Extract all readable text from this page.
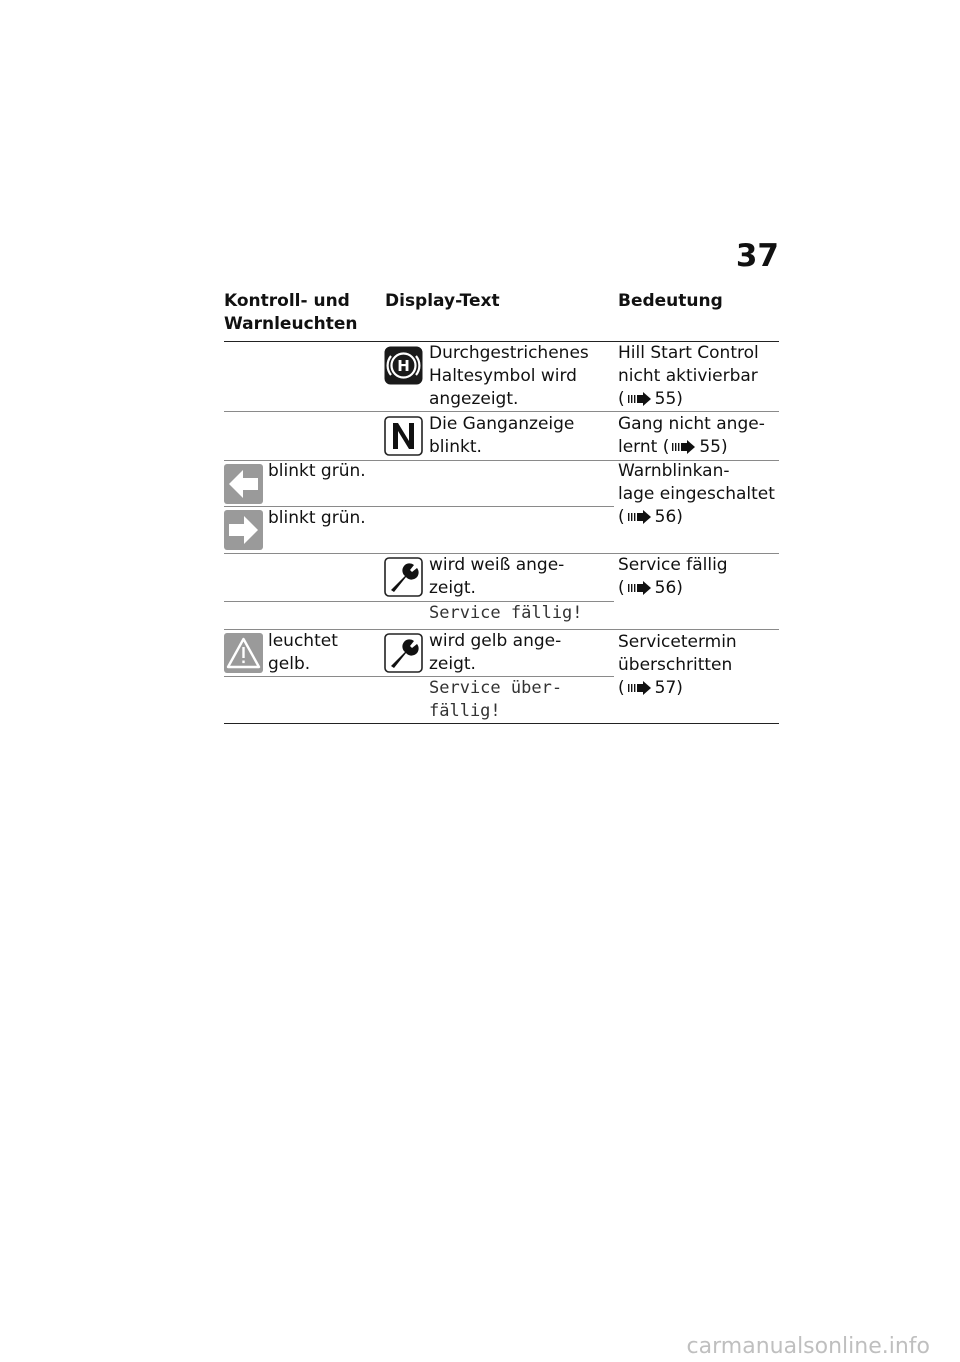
37
Kontroll- und
Warnleuchten
Display-Text	Bedeutung
H
Durchgestrichenes
Haltesymbol wird
angezeigt.
Hill Start Control
nicht aktivierbar
( 55)
Die Ganganzeige
blinkt.
Gang nicht ange-
lernt ( 55)
blinkt grün.
blinkt grün.
Warnblinkan-
lage eingeschaltet
( 56)
wird weiß ange-
zeigt.
Service fällig
( 56)
Service fällig!
leuchtet
gelb.
wird gelb ange-
zeigt.
Servicetermin
überschritten
( 57)
Service über-
fällig!
carmanualsonline.info
